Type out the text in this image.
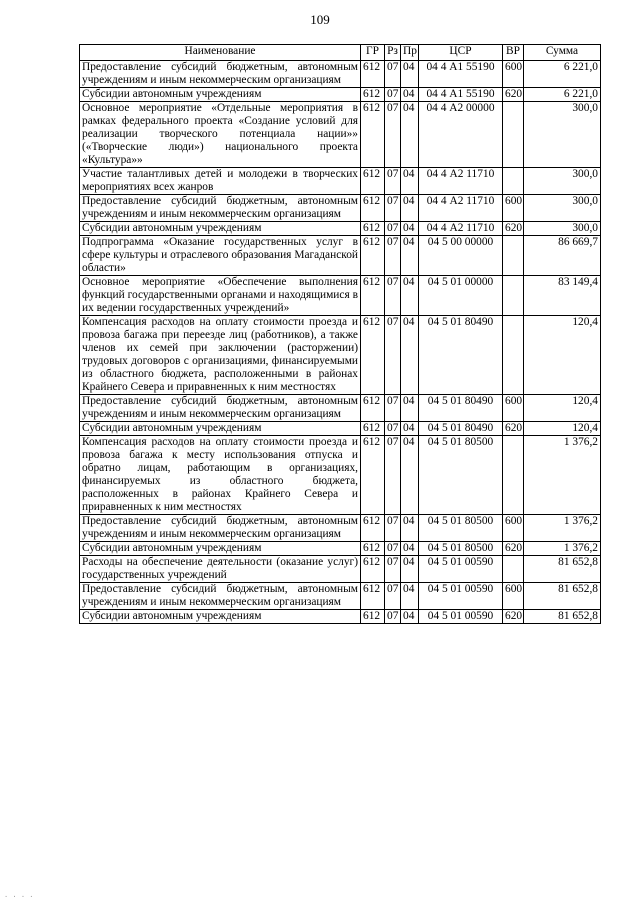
109
Наименование	ГР	Рз	Пр	ЦСР	ВР	Сумма
Предоставление субсидий бюджетным, автономным учреждениям и иным некоммерческим организациям	612	07	04	04 4 А1 55190	600	6 221,0
Субсидии автономным учреждениям	612	07	04	04 4 А1 55190	620	6 221,0
Основное мероприятие «Отдельные мероприятия в рамках федерального проекта «Создание условий для реализации творческого потенциала нации»» («Творческие люди») национального проекта «Культура»»	612	07	04	04 4 А2 00000		300,0
Участие талантливых детей и молодежи в творческих мероприятиях всех жанров	612	07	04	04 4 А2 11710		300,0
Предоставление субсидий бюджетным, автономным учреждениям и иным некоммерческим организациям	612	07	04	04 4 А2 11710	600	300,0
Субсидии автономным учреждениям	612	07	04	04 4 А2 11710	620	300,0
Подпрограмма «Оказание государственных услуг в сфере культуры и отраслевого образования Магаданской области»	612	07	04	04 5 00 00000		86 669,7
Основное мероприятие «Обеспечение выполнения функций государственными органами и находящимися в их ведении государственных учреждений»	612	07	04	04 5 01 00000		83 149,4
Компенсация расходов на оплату стоимости проезда и провоза багажа при переезде лиц (работников), а также членов их семей при заключении (расторжении) трудовых договоров с организациями, финансируемыми из областного бюджета, расположенными в районах Крайнего Севера и приравненных к ним местностях	612	07	04	04 5 01 80490		120,4
Предоставление субсидий бюджетным, автономным учреждениям и иным некоммерческим организациям	612	07	04	04 5 01 80490	600	120,4
Субсидии автономным учреждениям	612	07	04	04 5 01 80490	620	120,4
Компенсация расходов на оплату стоимости проезда и провоза багажа к месту использования отпуска и обратно лицам, работающим в организациях, финансируемых из областного бюджета, расположенных в районах Крайнего Севера и приравненных к ним местностях	612	07	04	04 5 01 80500		1 376,2
Предоставление субсидий бюджетным, автономным учреждениям и иным некоммерческим организациям	612	07	04	04 5 01 80500	600	1 376,2
Субсидии автономным учреждениям	612	07	04	04 5 01 80500	620	1 376,2
Расходы на обеспечение деятельности (оказание услуг) государственных учреждений	612	07	04	04 5 01 00590		81 652,8
Предоставление субсидий бюджетным, автономным учреждениям и иным некоммерческим организациям	612	07	04	04 5 01 00590	600	81 652,8
Субсидии автономным учреждениям	612	07	04	04 5 01 00590	620	81 652,8
· · · ·
